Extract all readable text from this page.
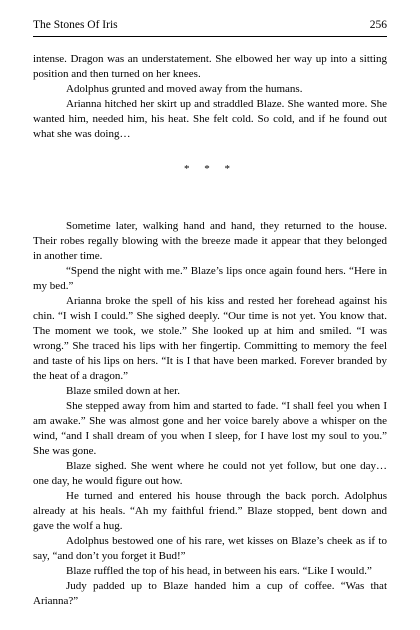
The Stones Of Iris	256

intense. Dragon was an understatement. She elbowed her way up into a sitting position and then turned on her knees.

Adolphus grunted and moved away from the humans.

Arianna hitched her skirt up and straddled Blaze. She wanted more. She wanted him, needed him, his heat. She felt cold. So cold, and if he found out what she was doing…

* * *

Sometime later, walking hand and hand, they returned to the house. Their robes regally blowing with the breeze made it appear that they belonged in another time.

“Spend the night with me.” Blaze’s lips once again found hers. “Here in my bed.”

Arianna broke the spell of his kiss and rested her forehead against his chin. “I wish I could.” She sighed deeply. “Our time is not yet. You know that. The moment we took, we stole.” She looked up at him and smiled. “I was wrong.” She traced his lips with her fingertip. Committing to memory the feel and taste of his lips on hers. “It is I that have been marked. Forever branded by the heat of a dragon.”

Blaze smiled down at her.

She stepped away from him and started to fade. “I shall feel you when I am awake.” She was almost gone and her voice barely above a whisper on the wind, “and I shall dream of you when I sleep, for I have lost my soul to you.” She was gone.

Blaze sighed. She went where he could not yet follow, but one day… one day, he would figure out how.

He turned and entered his house through the back porch. Adolphus already at his heals. “Ah my faithful friend.” Blaze stopped, bent down and gave the wolf a hug.

Adolphus bestowed one of his rare, wet kisses on Blaze’s cheek as if to say, “and don’t you forget it Bud!”

Blaze ruffled the top of his head, in between his ears. “Like I would.”

Judy padded up to Blaze handed him a cup of coffee. “Was that Arianna?”
